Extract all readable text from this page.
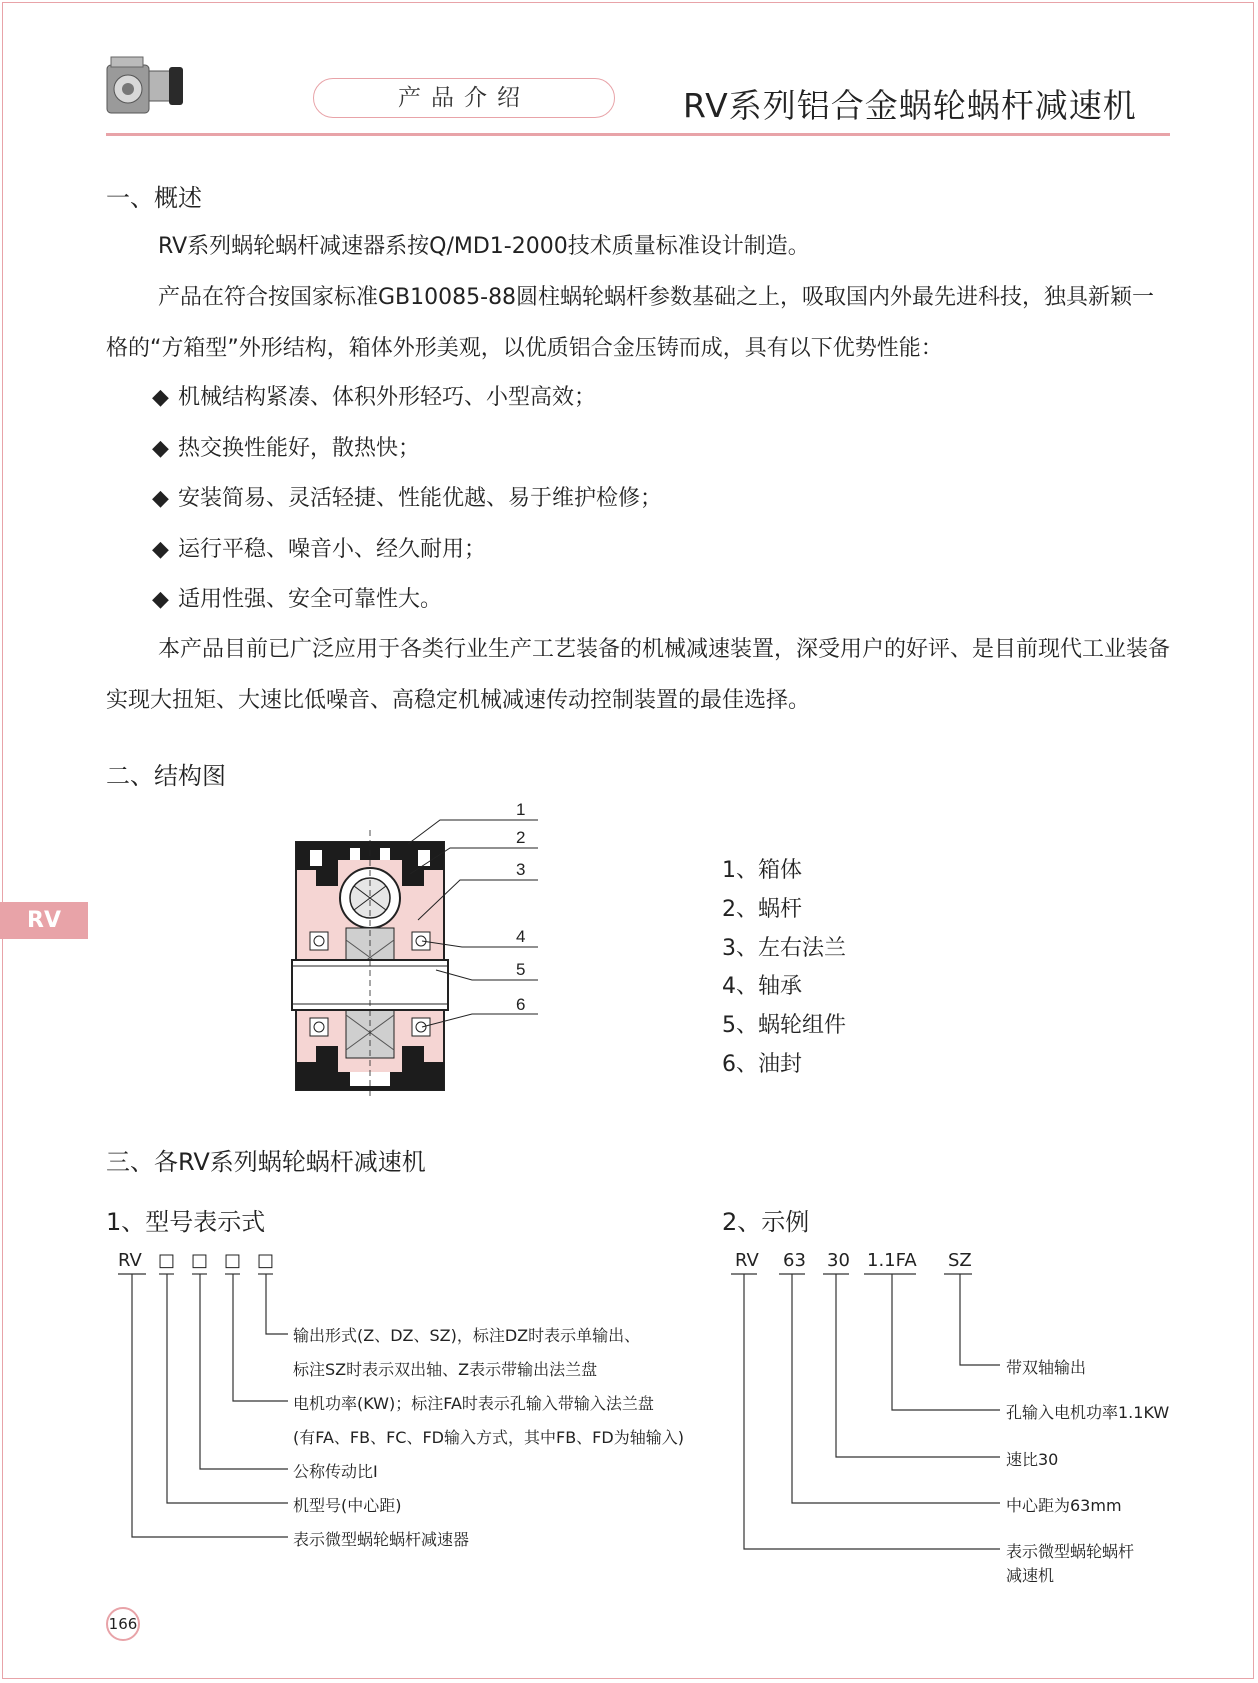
产品介绍	RV系列铝合金蜗轮蜗杆减速机
一、概述

RV系列蜗轮蜗杆减速器系按Q/MD1-2000技术质量标准设计制造。

产品在符合按国家标准GB10085-88圆柱蜗轮蜗杆参数基础之上，吸取国内外最先进科技，独具新颖一格的“方箱型”外形结构，箱体外形美观，以优质铝合金压铸而成，具有以下优势性能：

◆ 机械结构紧凑、体积外形轻巧、小型高效；
◆ 热交换性能好，散热快；
◆ 安装简易、灵活轻捷、性能优越、易于维护检修；
◆ 运行平稳、噪音小、经久耐用；
◆ 适用性强、安全可靠性大。

本产品目前已广泛应用于各类行业生产工艺装备的机械减速装置，深受用户的好评、是目前现代工业装备实现大扭矩、大速比低噪音、高稳定机械减速传动控制装置的最佳选择。

RV
二、结构图
1
2
3
4
5
6
1、箱体
2、蜗杆
3、左右法兰
4、轴承
5、蜗轮组件
6、油封
三、各RV系列蜗轮蜗杆减速机
1、型号表示式	2、示例
RV □ □ □ □
输出形式(Z、DZ、SZ)，标注DZ时表示单输出、
标注SZ时表示双出轴、Z表示带输出法兰盘
电机功率(KW)；标注FA时表示孔输入带输入法兰盘
(有FA、FB、FC、FD输入方式，其中FB、FD为轴输入)
公称传动比I
机型号(中心距)
表示微型蜗轮蜗杆减速器
RV 63 30 1.1FA SZ
带双轴输出
孔输入电机功率1.1KW
速比30
中心距为63mm
表示微型蜗轮蜗杆
减速机
166
